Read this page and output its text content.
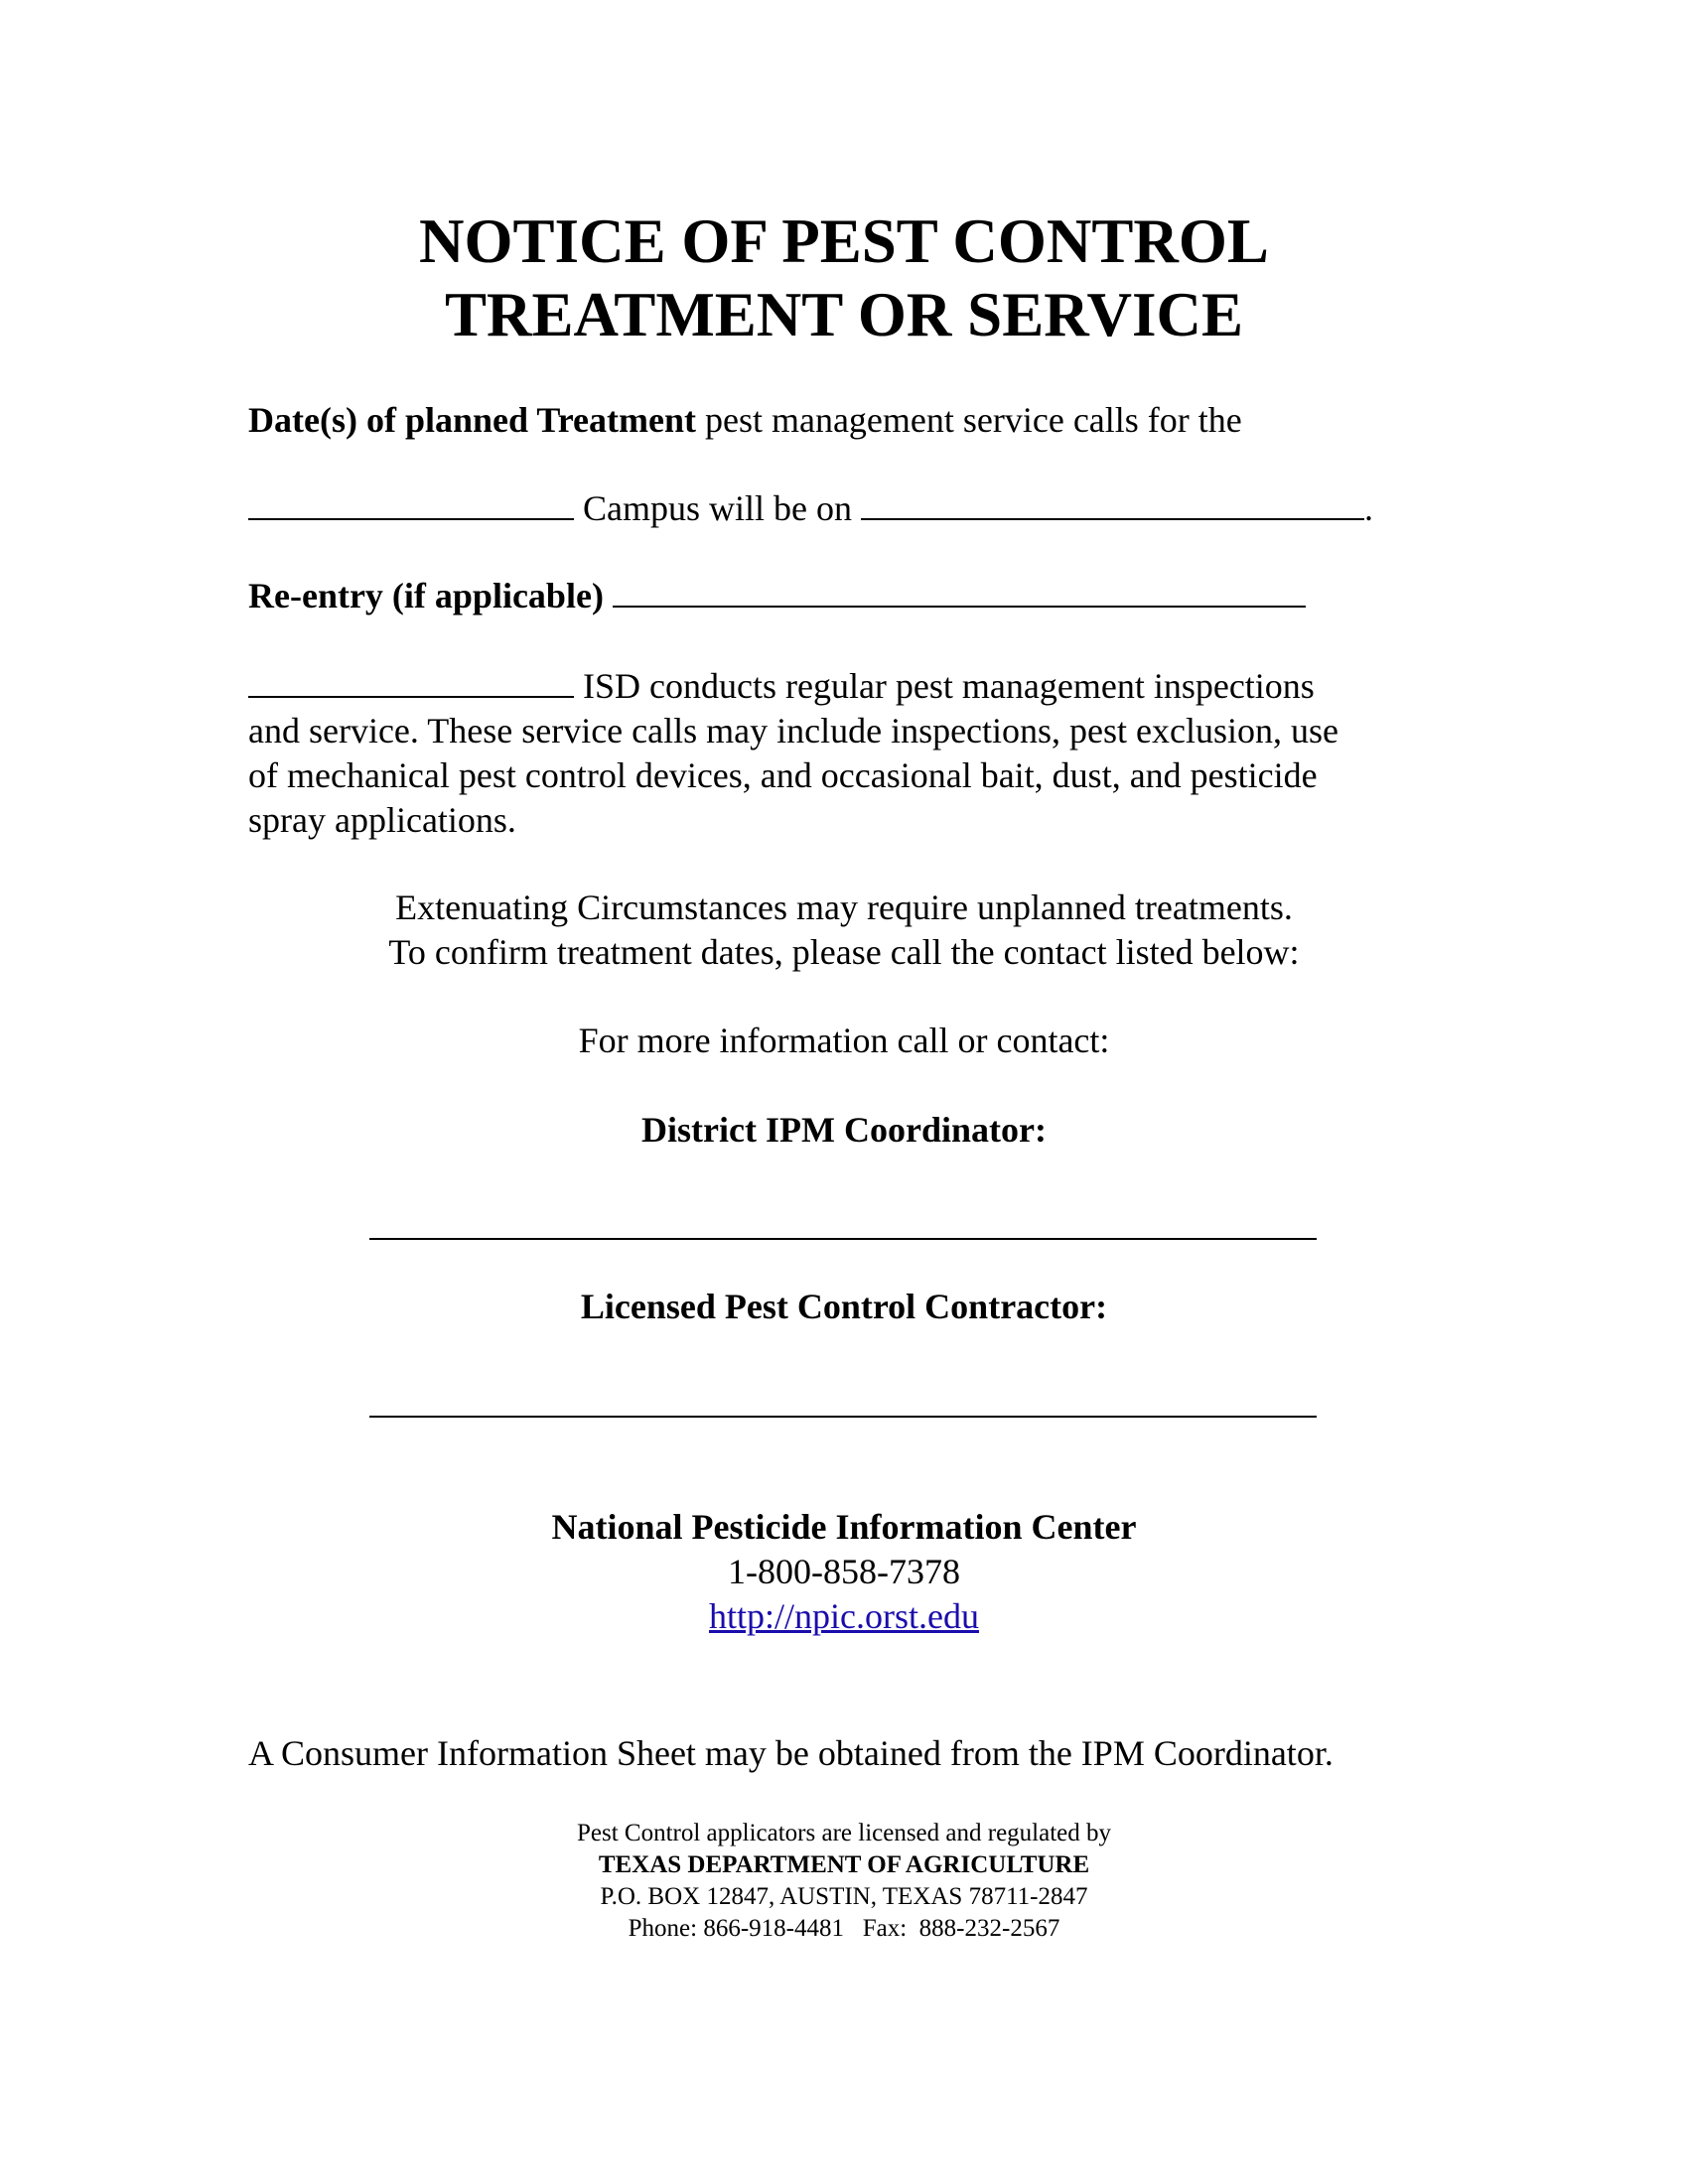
NOTICE OF PEST CONTROL
TREATMENT OR SERVICE
Date(s) of planned Treatment pest management service calls for the
Campus will be on	.
Re-entry (if applicable)
ISD conducts regular pest management inspections
and service. These service calls may include inspections, pest exclusion, use
of mechanical pest control devices, and occasional bait, dust, and pesticide
spray applications.
Extenuating Circumstances may require unplanned treatments.
To confirm treatment dates, please call the contact listed below:
For more information call or contact:
District IPM Coordinator:
Licensed Pest Control Contractor:
National Pesticide Information Center
1-800-858-7378
http://npic.orst.edu
A Consumer Information Sheet may be obtained from the IPM Coordinator.
Pest Control applicators are licensed and regulated by
TEXAS DEPARTMENT OF AGRICULTURE
P.O. BOX 12847, AUSTIN, TEXAS 78711-2847
Phone: 866-918-4481   Fax:  888-232-2567
